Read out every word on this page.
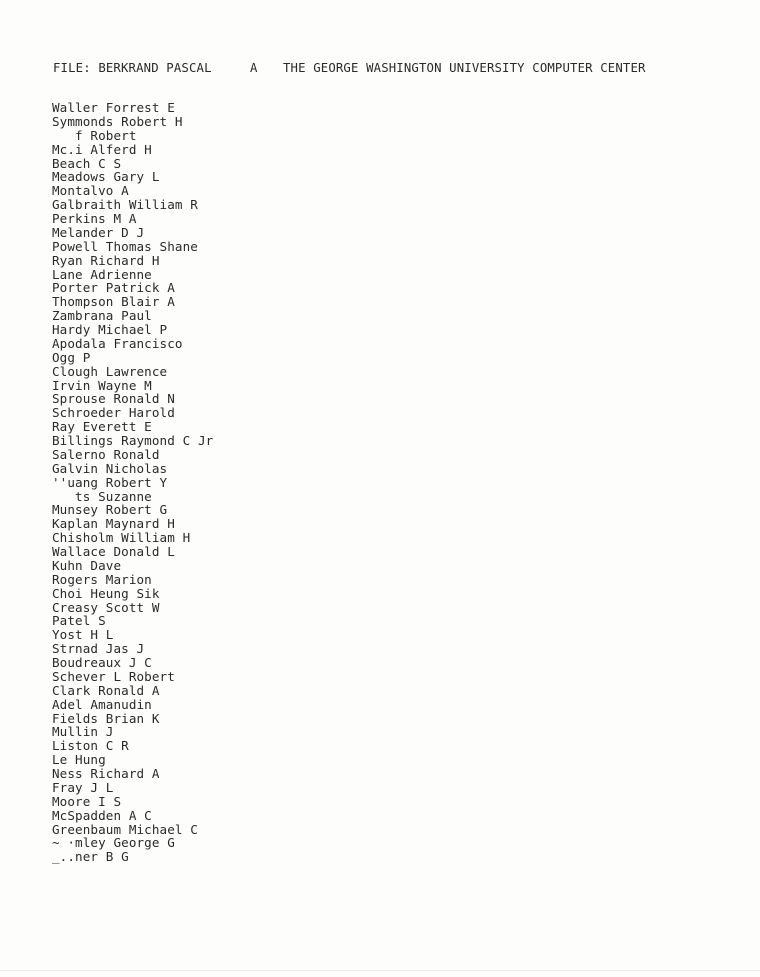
FILE: BERKRAND PASCAL	A THE GEORGE WASHINGTON UNIVERSITY COMPUTER CENTER
Waller Forrest E
Symmonds Robert H
f Robert
Mc.i Alferd H
Beach C S
Meadows Gary L
Montalvo A
Galbraith William R
Perkins M A
Melander D J
Powell Thomas Shane
Ryan Richard H
Lane Adrienne
Porter Patrick A
Thompson Blair A
Zambrana Paul
Hardy Michael P
Apodala Francisco
Ogg P
Clough Lawrence
Irvin Wayne M
Sprouse Ronald N
Schroeder Harold
Ray Everett E
Billings Raymond C Jr
Salerno Ronald
Galvin Nicholas
''uang Robert Y
ts Suzanne
Munsey Robert G
Kaplan Maynard H
Chisholm William H
Wallace Donald L
Kuhn Dave
Rogers Marion
Choi Heung Sik
Creasy Scott W
Patel S
Yost H L
Strnad Jas J
Boudreaux J C
Schever L Robert
Clark Ronald A
Adel Amanudin
Fields Brian K
Mullin J
Liston C R
Le Hung
Ness Richard A
Fray J L
Moore I S
McSpadden A C
Greenbaum Michael C
~ ·mley George G
_..ner B G
